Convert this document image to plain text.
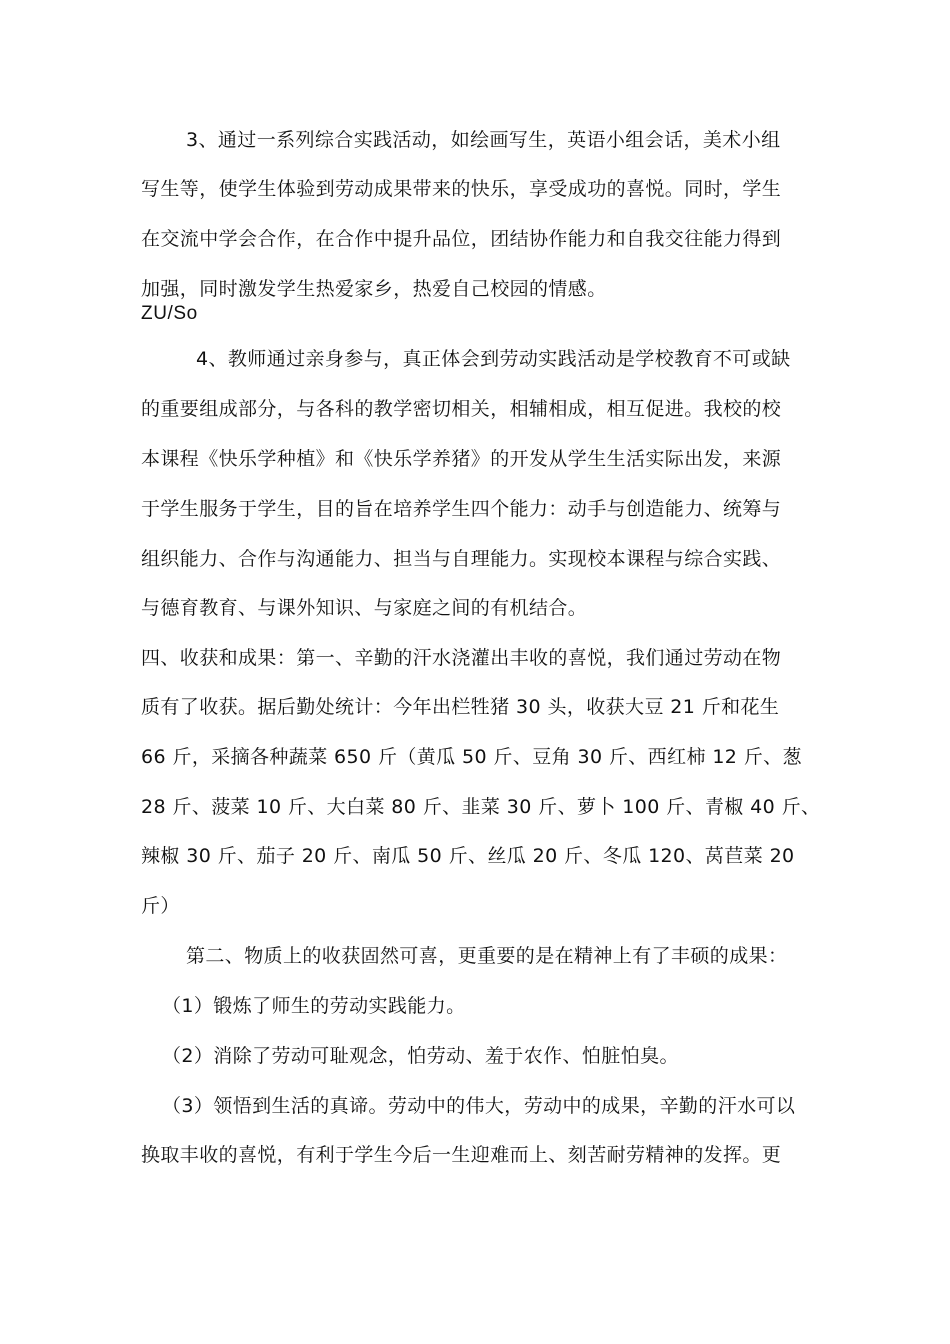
3、通过一系列综合实践活动，如绘画写生，英语小组会话，美术小组
写生等，使学生体验到劳动成果带来的快乐，享受成功的喜悦。同时，学生
在交流中学会合作，在合作中提升品位，团结协作能力和自我交往能力得到
加强，同时激发学生热爱家乡，热爱自己校园的情感。
ZU/So
4、教师通过亲身参与，真正体会到劳动实践活动是学校教育不可或缺
的重要组成部分，与各科的教学密切相关，相辅相成，相互促进。我校的校
本课程《快乐学种植》和《快乐学养猪》的开发从学生生活实际出发，来源
于学生服务于学生，目的旨在培养学生四个能力：动手与创造能力、统筹与
组织能力、合作与沟通能力、担当与自理能力。实现校本课程与综合实践、
与德育教育、与课外知识、与家庭之间的有机结合。
四、收获和成果：第一、辛勤的汗水浇灌出丰收的喜悦，我们通过劳动在物
质有了收获。据后勤处统计：今年出栏牲猪 30 头，收获大豆 21 斤和花生
66 斤，采摘各种蔬菜 650 斤（黄瓜 50 斤、豆角 30 斤、西红柿 12 斤、葱
28 斤、菠菜 10 斤、大白菜 80 斤、韭菜 30 斤、萝卜 100 斤、青椒 40 斤、
辣椒 30 斤、茄子 20 斤、南瓜 50 斤、丝瓜 20 斤、冬瓜 120、莴苣菜 20
斤）
第二、物质上的收获固然可喜，更重要的是在精神上有了丰硕的成果：
（1）锻炼了师生的劳动实践能力。
（2）消除了劳动可耻观念，怕劳动、羞于农作、怕脏怕臭。
（3）领悟到生活的真谛。劳动中的伟大，劳动中的成果，辛勤的汗水可以
换取丰收的喜悦，有利于学生今后一生迎难而上、刻苦耐劳精神的发挥。更
